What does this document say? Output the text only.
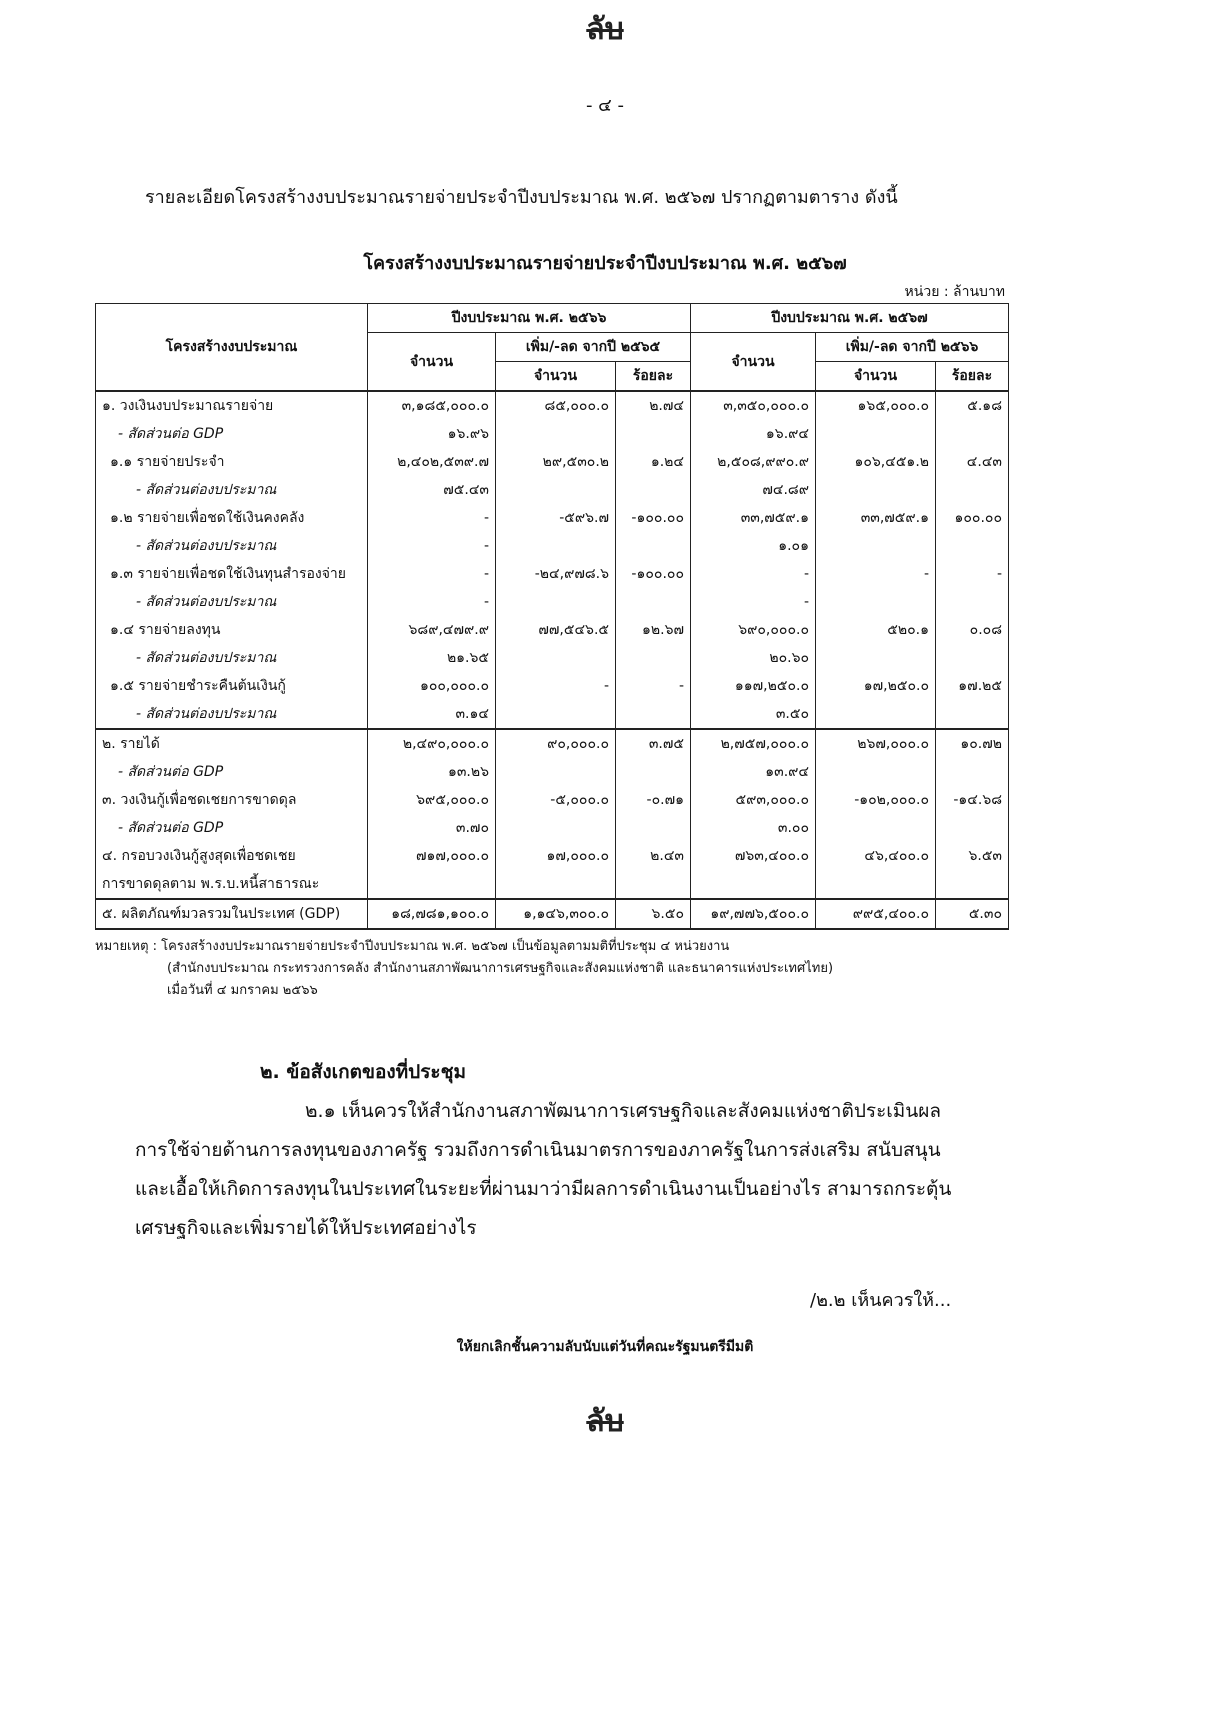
ลับ
- ๔ -
รายละเอียดโครงสร้างงบประมาณรายจ่ายประจำปีงบประมาณ พ.ศ. ๒๕๖๗ ปรากฏตามตาราง ดังนี้
โครงสร้างงบประมาณรายจ่ายประจำปีงบประมาณ พ.ศ. ๒๕๖๗
หน่วย : ล้านบาท
โครงสร้างงบประมาณ	ปีงบประมาณ พ.ศ. ๒๕๖๖			ปีงบประมาณ พ.ศ. ๒๕๖๗		
	จำนวน	เพิ่ม/-ลด จากปี ๒๕๖๕		จำนวน	เพิ่ม/-ลด จากปี ๒๕๖๖	
		จำนวน	ร้อยละ		จำนวน	ร้อยละ
๑. วงเงินงบประมาณรายจ่าย	๓,๑๘๕,๐๐๐.๐	๘๕,๐๐๐.๐	๒.๗๔	๓,๓๕๐,๐๐๐.๐	๑๖๕,๐๐๐.๐	๕.๑๘
- สัดส่วนต่อ GDP	๑๖.๙๖			๑๖.๙๔		
๑.๑ รายจ่ายประจำ	๒,๔๐๒,๕๓๙.๗	๒๙,๕๓๐.๒	๑.๒๔	๒,๕๐๘,๙๙๐.๙	๑๐๖,๔๕๑.๒	๔.๔๓
- สัดส่วนต่องบประมาณ	๗๕.๔๓			๗๔.๘๙		
๑.๒ รายจ่ายเพื่อชดใช้เงินคงคลัง	-	-๕๙๖.๗	-๑๐๐.๐๐	๓๓,๗๕๙.๑	๓๓,๗๕๙.๑	๑๐๐.๐๐
- สัดส่วนต่องบประมาณ	-			๑.๐๑		
๑.๓ รายจ่ายเพื่อชดใช้เงินทุนสำรองจ่าย	-	-๒๔,๙๗๘.๖	-๑๐๐.๐๐	-	-	-
- สัดส่วนต่องบประมาณ	-			-		
๑.๔ รายจ่ายลงทุน	๖๘๙,๔๗๙.๙	๗๗,๕๔๖.๕	๑๒.๖๗	๖๙๐,๐๐๐.๐	๕๒๐.๑	๐.๐๘
- สัดส่วนต่องบประมาณ	๒๑.๖๕			๒๐.๖๐		
๑.๕ รายจ่ายชำระคืนต้นเงินกู้	๑๐๐,๐๐๐.๐	-	-	๑๑๗,๒๕๐.๐	๑๗,๒๕๐.๐	๑๗.๒๕
- สัดส่วนต่องบประมาณ	๓.๑๔			๓.๕๐		
๒. รายได้	๒,๔๙๐,๐๐๐.๐	๙๐,๐๐๐.๐	๓.๗๕	๒,๗๕๗,๐๐๐.๐	๒๖๗,๐๐๐.๐	๑๐.๗๒
- สัดส่วนต่อ GDP	๑๓.๒๖			๑๓.๙๔		
๓. วงเงินกู้เพื่อชดเชยการขาดดุล	๖๙๕,๐๐๐.๐	-๕,๐๐๐.๐	-๐.๗๑	๕๙๓,๐๐๐.๐	-๑๐๒,๐๐๐.๐	-๑๔.๖๘
- สัดส่วนต่อ GDP	๓.๗๐			๓.๐๐		
๔. กรอบวงเงินกู้สูงสุดเพื่อชดเชย	๗๑๗,๐๐๐.๐	๑๗,๐๐๐.๐	๒.๔๓	๗๖๓,๔๐๐.๐	๔๖,๔๐๐.๐	๖.๕๓
การขาดดุลตาม พ.ร.บ.หนี้สาธารณะ						
๕. ผลิตภัณฑ์มวลรวมในประเทศ (GDP)	๑๘,๗๘๑,๑๐๐.๐	๑,๑๔๖,๓๐๐.๐	๖.๕๐	๑๙,๗๗๖,๕๐๐.๐	๙๙๕,๔๐๐.๐	๕.๓๐
หมายเหตุ : โครงสร้างงบประมาณรายจ่ายประจำปีงบประมาณ พ.ศ. ๒๕๖๗ เป็นข้อมูลตามมติที่ประชุม ๔ หน่วยงาน
(สำนักงบประมาณ กระทรวงการคลัง สำนักงานสภาพัฒนาการเศรษฐกิจและสังคมแห่งชาติ และธนาคารแห่งประเทศไทย)
เมื่อวันที่ ๔ มกราคม ๒๕๖๖
๒. ข้อสังเกตของที่ประชุม
๒.๑ เห็นควรให้สำนักงานสภาพัฒนาการเศรษฐกิจและสังคมแห่งชาติประเมินผล
การใช้จ่ายด้านการลงทุนของภาครัฐ รวมถึงการดำเนินมาตรการของภาครัฐในการส่งเสริม สนับสนุน
และเอื้อให้เกิดการลงทุนในประเทศในระยะที่ผ่านมาว่ามีผลการดำเนินงานเป็นอย่างไร สามารถกระตุ้น
เศรษฐกิจและเพิ่มรายได้ให้ประเทศอย่างไร
/๒.๒ เห็นควรให้...
ให้ยกเลิกชั้นความลับนับแต่วันที่คณะรัฐมนตรีมีมติ
ลับ
